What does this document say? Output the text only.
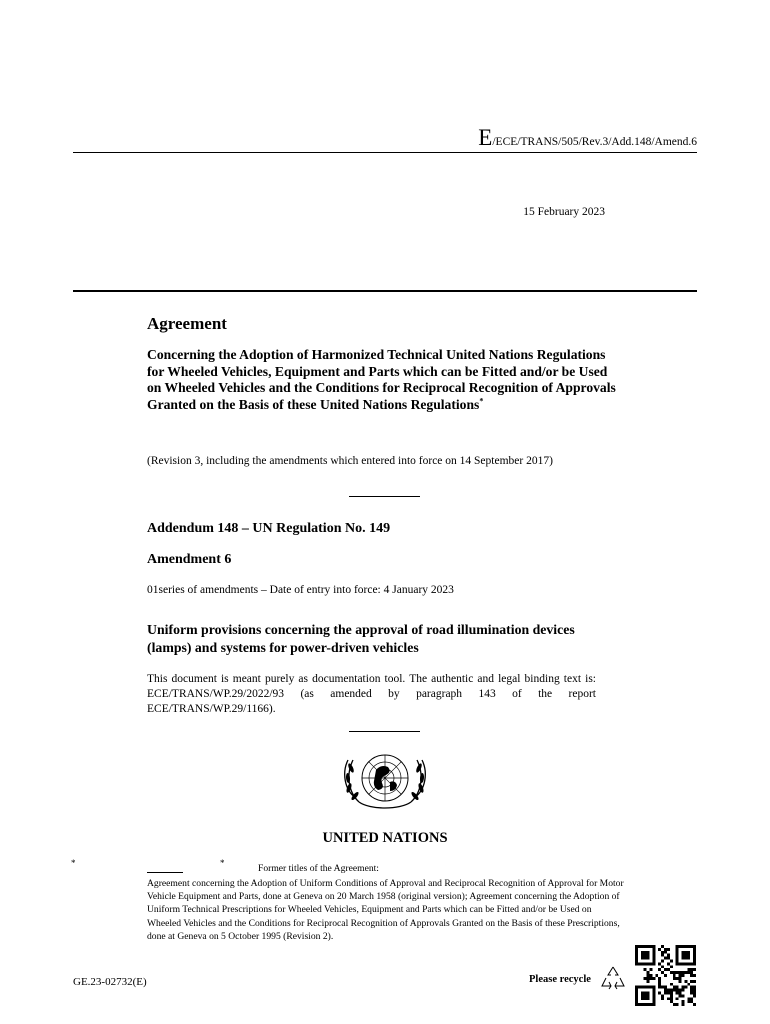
E/ECE/TRANS/505/Rev.3/Add.148/Amend.6
15 February 2023
Agreement
Concerning the Adoption of Harmonized Technical United Nations Regulations for Wheeled Vehicles, Equipment and Parts which can be Fitted and/or be Used on Wheeled Vehicles and the Conditions for Reciprocal Recognition of Approvals Granted on the Basis of these United Nations Regulations*
(Revision 3, including the amendments which entered into force on 14 September 2017)
Addendum 148 – UN Regulation No. 149
Amendment 6
01series of amendments – Date of entry into force: 4 January 2023
Uniform provisions concerning the approval of road illumination devices (lamps) and systems for power-driven vehicles
This document is meant purely as documentation tool. The authentic and legal binding text is: ECE/TRANS/WP.29/2022/93 (as amended by paragraph 143 of the report ECE/TRANS/WP.29/1166).
UNITED NATIONS
*	*	Former titles of the Agreement:
Agreement concerning the Adoption of Uniform Conditions of Approval and Reciprocal Recognition of Approval for Motor Vehicle Equipment and Parts, done at Geneva on 20 March 1958 (original version); Agreement concerning the Adoption of Uniform Technical Prescriptions for Wheeled Vehicles, Equipment and Parts which can be Fitted and/or be Used on Wheeled Vehicles and the Conditions for Reciprocal Recognition of Approvals Granted on the Basis of these Prescriptions, done at Geneva on 5 October 1995 (Revision 2).
GE.23-02732(E)	Please recycle
